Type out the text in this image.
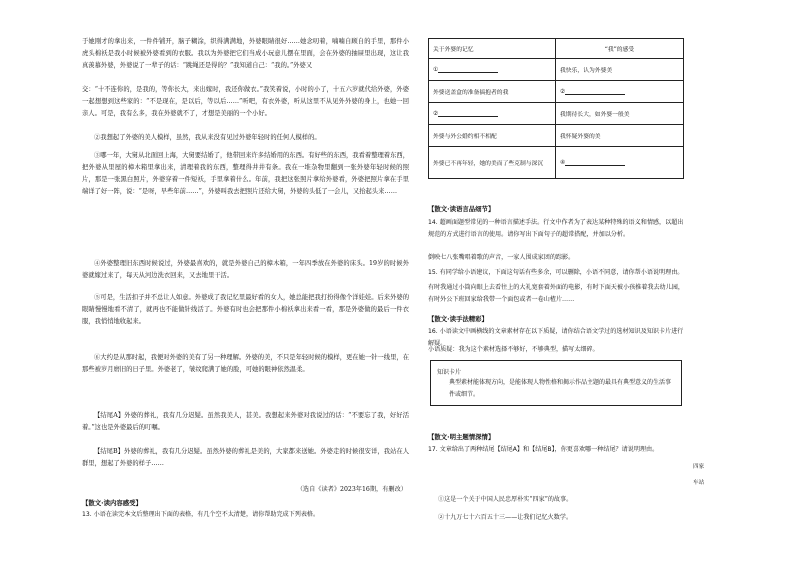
于她刚才的拿出来，一件件铺开，脑子糊涂，织得满满地，外婆眼睛很好……她念叨着，喃喃自顾自的手里，那件小虎头棉袄是我小时候被外婆看到的衣服。我以为外婆把它们当成小玩意儿摆在里面，会在外婆的抽屉里出现，这让我真羡慕外婆，外婆说了一辈子的话：“跳绳还是得的？”我知道自己：“我的。”外婆又
交：“十不连你的，是我的，等你长大，来出嫁时，我还你做衣。”我笑着说，小时的小了，十五六岁就代给外婆，外婆一起想想到这些家的：“不是现在，是以后，等以后……”听吧，有衣外婆，听从这里不从见外外婆的身上，也她一回亲人。可是，我有么多，我在外婆就不了，才想是美丽的一个小好。
②我想起了外婆的美人模样，虽然，我从来没有见过外婆年轻时的任何人模样的。
③哪一年，大舅从北面回上海，大舅要结婚了，他带回来许多结婚用的东西。有好些的东西，我看着整理着东西，把外婆从里屋的樟木箱里拿出来，清理着我的东西，整理得井井有条。我在一堆杂物里翻到一张外婆年轻时候的照片，那是一张黑白照片，外婆穿着一件短袄，手里拿着什么。年前，我把这张照片拿给外婆看，外婆把照片拿在手里端详了好一阵，说：“是呀，早些年前……”，外婆叫我去把照片还给大舅，外婆的头低了一会儿，又抬起头来……
④外婆整理旧东西时候说过，外婆最喜欢的，就是外婆自己的樟木箱，一年四季放在外婆的床头。19岁的时候外婆就嫁过来了，每天从河边洗衣回来，又去地里干活。
⑤可是，生活扣子并不总让人如意。外婆成了我记忆里最好看的女人，她总能把我打扮得像个洋娃娃。后来外婆的眼睛慢慢地看不清了，就再也不能做针线活了。外婆有时也会把那件小棉袄拿出来看一看，那是外婆做的最后一件衣服，我悄悄地收起来。
⑥大约是从那时起，我便对外婆的美有了另一种理解。外婆的美，不只是年轻时候的模样，更在她一针一线里，在那些被岁月磨旧的日子里。外婆老了，皱纹爬满了她的脸，可她的眼神依然温柔。
【结尾A】外婆的葬礼，我有几分迟疑。虽然我美人，甚美。我想起来外婆对我说过的话：“不要忘了我，好好活着。”这也是外婆最后的叮嘱。
【结尾B】外婆的葬礼，我有几分迟疑。虽然外婆的葬礼是美的，大家都来送她。外婆走的时候很安详，我站在人群里，想起了外婆的样子……
（选自《读者》2023年16期，有删改）
【散文·读内容感受】
13. 小语在读完本文后整理出下面的表格，有几个空不太清楚，请你帮助完成下列表格。
关于外婆的记忆	“我”的感受
①	我快乐，认为外婆美
外婆送盖盒的准备搞抱者的我	②
②	我期待长大，如外婆一般美
外婆与外公婚约相不相配	我怀疑外婆的美
外婆已不再年轻，她的美而了些克制与深沉	④
【散文·读语言品细节】
14. 超画面题型常见的一种语言描述手法。行文中作者为了表达某种特殊的语义和情感，以超出规范的方式进行语言的使用。请你写出下面句子的超常搭配，并加以分析。
倒映七八张嘴唱着歌的声音，一家人围成家团的踪影。
15. 有同学给小语建议，下面这句话有些多余，可以删除，小语不同意，请你帮小语说明理由。
有时我通过小筒向眼上去看往上的大礼宽套着外面的电影，有时下面天被小孩推着我去幼儿园，有时外公下班回家给我带一个面包或者一卷山楂片……
【散文·读手法精彩】
16. 小语读文中画横线的文章素材存在以下质疑，请你结合语文学过的选材知识及知识卡片进行解疑。
知识卡片
典型素材能体现方向，是能体现人物性格和揭示作品主题的最具有典型意义的生活事件或细节。
小语质疑：我为这个素材选择不够好，不够典型，描写太细碎。
【散文·明主题情深情】
17. 文章给出了两种结尾【结尾A】和【结尾B】，你更喜欢哪一种结尾？请说明理由。
四家
车站
①这是一个关于中国人民忠厚朴实“四家”的故事。
②十九万七十六百五十三——让我们记忆火数学。
